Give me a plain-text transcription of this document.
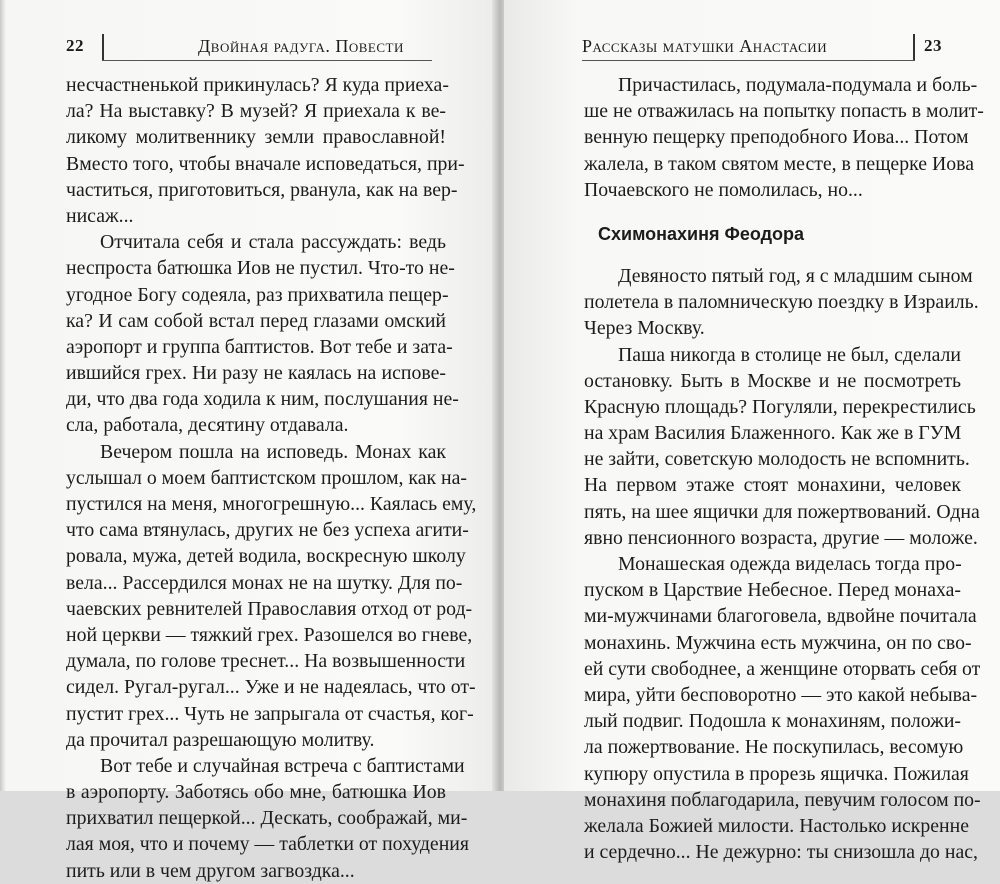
22	Двойная радуга. Повести
несчастненькой прикинулась? Я куда приеха-
ла? На выставку? В музей? Я приехала к ве-
ликому молитвеннику земли православной!
Вместо того, чтобы вначале исповедаться, при-
частиться, приготовиться, рванула, как на вер-
нисаж...
Отчитала себя и стала рассуждать: ведь
неспроста батюшка Иов не пустил. Что-то не-
угодное Богу содеяла, раз прихватила пещер-
ка? И сам собой встал перед глазами омский
аэропорт и группа баптистов. Вот тебе и зата-
ившийся грех. Ни разу не каялась на испове-
ди, что два года ходила к ним, послушания не-
сла, работала, десятину отдавала.
Вечером пошла на исповедь. Монах как
услышал о моем баптистском прошлом, как на-
пустился на меня, многогрешную... Каялась ему,
что сама втянулась, других не без успеха агити-
ровала, мужа, детей водила, воскресную школу
вела... Рассердился монах не на шутку. Для по-
чаевских ревнителей Православия отход от род-
ной церкви — тяжкий грех. Разошелся во гневе,
думала, по голове треснет... На возвышенности
сидел. Ругал-ругал... Уже и не надеялась, что от-
пустит грех... Чуть не запрыгала от счастья, ког-
да прочитал разрешающую молитву.
Вот тебе и случайная встреча с баптистами
в аэропорту. Заботясь обо мне, батюшка Иов
прихватил пещеркой... Дескать, соображай, ми-
лая моя, что и почему — таблетки от похудения
пить или в чем другом загвоздка...
Рассказы матушки Анастасии	23
Причастилась, подумала-подумала и боль-
ше не отважилась на попытку попасть в молит-
венную пещерку преподобного Иова... Потом
жалела, в таком святом месте, в пещерке Иова
Почаевского не помолилась, но...
Схимонахиня Феодора
Девяносто пятый год, я с младшим сыном
полетела в паломническую поездку в Израиль.
Через Москву.
Паша никогда в столице не был, сделали
остановку. Быть в Москве и не посмотреть
Красную площадь? Погуляли, перекрестились
на храм Василия Блаженного. Как же в ГУМ
не зайти, советскую молодость не вспомнить.
На первом этаже стоят монахини, человек
пять, на шее ящички для пожертвований. Одна
явно пенсионного возраста, другие — моложе.
Монашеская одежда виделась тогда про-
пуском в Царствие Небесное. Перед монаха-
ми-мужчинами благоговела, вдвойне почитала
монахинь. Мужчина есть мужчина, он по сво-
ей сути свободнее, а женщине оторвать себя от
мира, уйти бесповоротно — это какой небыва-
лый подвиг. Подошла к монахиням, положи-
ла пожертвование. Не поскупилась, весомую
купюру опустила в прорезь ящичка. Пожилая
монахиня поблагодарила, певучим голосом по-
желала Божией милости. Настолько искренне
и сердечно... Не дежурно: ты снизошла до нас,
